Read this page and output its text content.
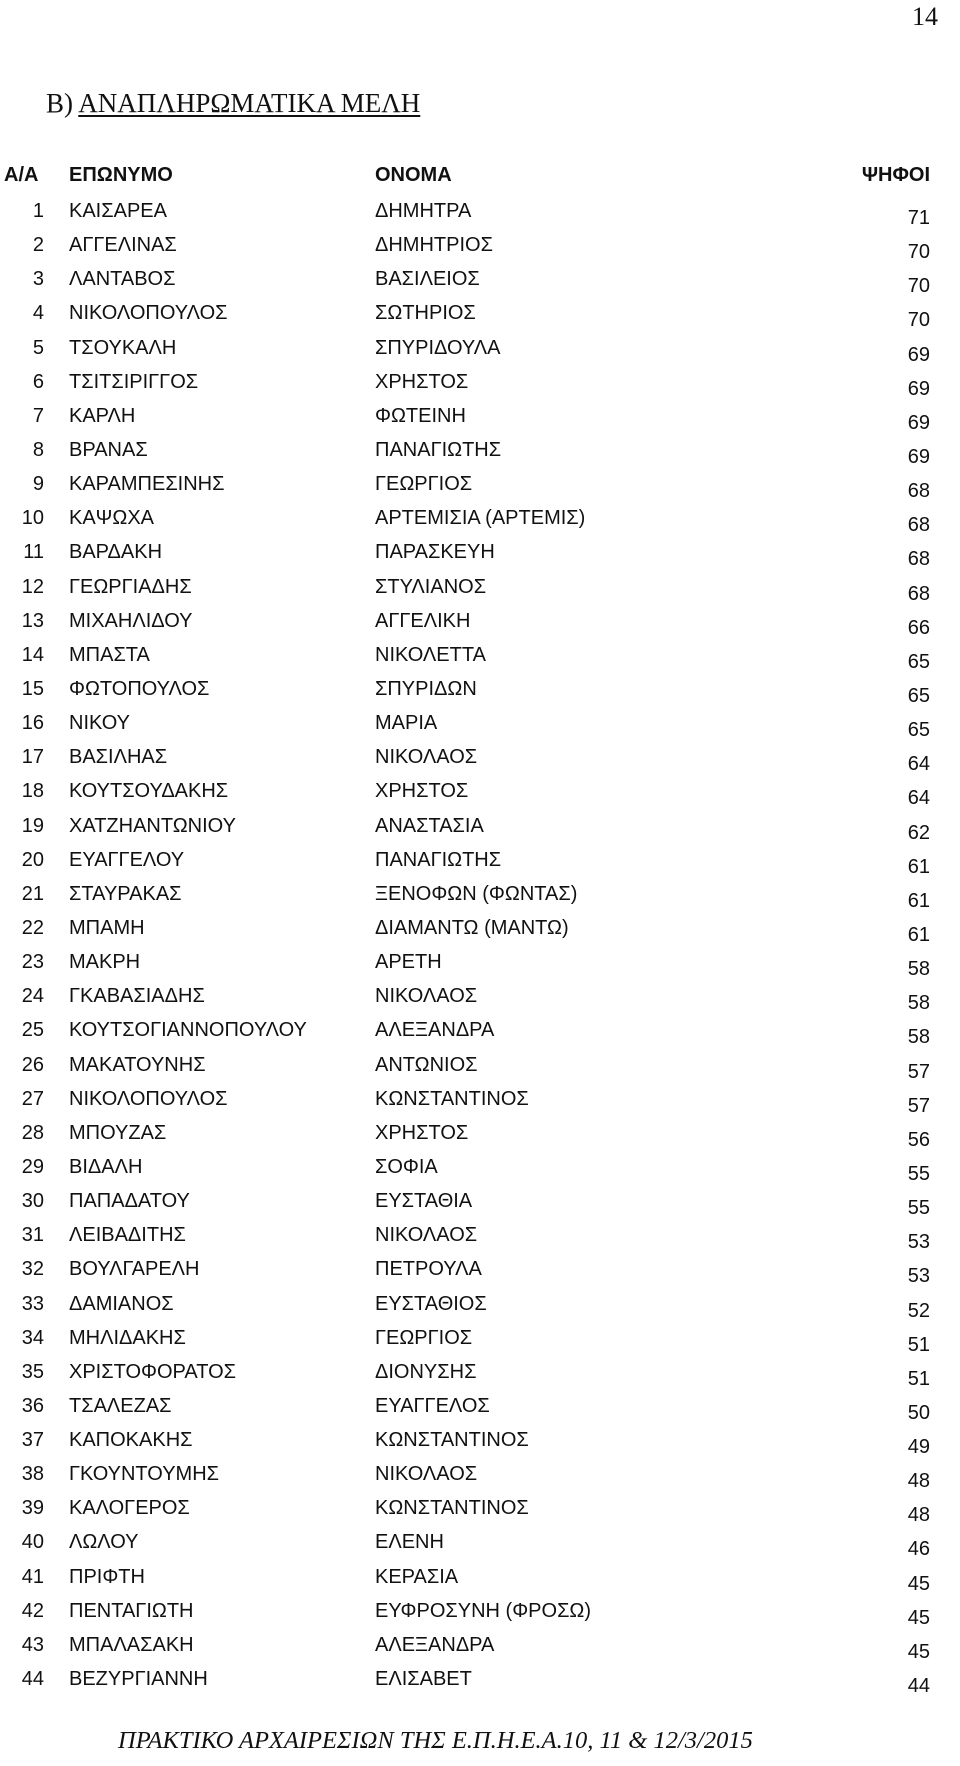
14
Β) ΑΝΑΠΛΗΡΩΜΑΤΙΚΑ ΜΕΛΗ
Α/Α ΕΠΩΝΥΜΟ	ΟΝΟΜΑ	ΨΗΦΟΙ
1 ΚΑΙΣΑΡΕΑ	ΔΗΜΗΤΡΑ	71
2 ΑΓΓΕΛΙΝΑΣ	ΔΗΜΗΤΡΙΟΣ	70
3 ΛΑΝΤΑΒΟΣ	ΒΑΣΙΛΕΙΟΣ	70
4 ΝΙΚΟΛΟΠΟΥΛΟΣ	ΣΩΤΗΡΙΟΣ	70
5 ΤΣΟΥΚΑΛΗ	ΣΠΥΡΙΔΟΥΛΑ	69
6 ΤΣΙΤΣΙΡΙΓΓΟΣ	ΧΡΗΣΤΟΣ	69
7 ΚΑΡΛΗ	ΦΩΤΕΙΝΗ	69
8 ΒΡΑΝΑΣ	ΠΑΝΑΓΙΩΤΗΣ	69
9 ΚΑΡΑΜΠΕΣΙΝΗΣ	ΓΕΩΡΓΙΟΣ	68
10 ΚΑΨΩΧΑ	ΑΡΤΕΜΙΣΙΑ (ΑΡΤΕΜΙΣ)	68
11 ΒΑΡΔΑΚΗ	ΠΑΡΑΣΚΕΥΗ	68
12 ΓΕΩΡΓΙΑΔΗΣ	ΣΤΥΛΙΑΝΟΣ	68
13 ΜΙΧΑΗΛΙΔΟΥ	ΑΓΓΕΛΙΚΗ	66
14 ΜΠΑΣΤΑ	ΝΙΚΟΛΕΤΤΑ	65
15 ΦΩΤΟΠΟΥΛΟΣ	ΣΠΥΡΙΔΩΝ	65
16 ΝΙΚΟΥ	ΜΑΡΙΑ	65
17 ΒΑΣΙΛΗΑΣ	ΝΙΚΟΛΑΟΣ	64
18 ΚΟΥΤΣΟΥΔΑΚΗΣ	ΧΡΗΣΤΟΣ	64
19 ΧΑΤΖΗΑΝΤΩΝΙΟΥ	ΑΝΑΣΤΑΣΙΑ	62
20 ΕΥΑΓΓΕΛΟΥ	ΠΑΝΑΓΙΩΤΗΣ	61
21 ΣΤΑΥΡΑΚΑΣ	ΞΕΝΟΦΩΝ (ΦΩΝΤΑΣ)	61
22 ΜΠΑΜΗ	ΔΙΑΜΑΝΤΩ (ΜΑΝΤΩ)	61
23 ΜΑΚΡΗ	ΑΡΕΤΗ	58
24 ΓΚΑΒΑΣΙΑΔΗΣ	ΝΙΚΟΛΑΟΣ	58
25 ΚΟΥΤΣΟΓΙΑΝΝΟΠΟΥΛΟΥ	ΑΛΕΞΑΝΔΡΑ	58
26 ΜΑΚΑΤΟΥΝΗΣ	ΑΝΤΩΝΙΟΣ	57
27 ΝΙΚΟΛΟΠΟΥΛΟΣ	ΚΩΝΣΤΑΝΤΙΝΟΣ	57
28 ΜΠΟΥΖΑΣ	ΧΡΗΣΤΟΣ	56
29 ΒΙΔΑΛΗ	ΣΟΦΙΑ	55
30 ΠΑΠΑΔΑΤΟΥ	ΕΥΣΤΑΘΙΑ	55
31 ΛΕΙΒΑΔΙΤΗΣ	ΝΙΚΟΛΑΟΣ	53
32 ΒΟΥΛΓΑΡΕΛΗ	ΠΕΤΡΟΥΛΑ	53
33 ΔΑΜΙΑΝΟΣ	ΕΥΣΤΑΘΙΟΣ	52
34 ΜΗΛΙΔΑΚΗΣ	ΓΕΩΡΓΙΟΣ	51
35 ΧΡΙΣΤΟΦΟΡΑΤΟΣ	ΔΙΟΝΥΣΗΣ	51
36 ΤΣΑΛΕΖΑΣ	ΕΥΑΓΓΕΛΟΣ	50
37 ΚΑΠΟΚΑΚΗΣ	ΚΩΝΣΤΑΝΤΙΝΟΣ	49
38 ΓΚΟΥΝΤΟΥΜΗΣ	ΝΙΚΟΛΑΟΣ	48
39 ΚΑΛΟΓΕΡΟΣ	ΚΩΝΣΤΑΝΤΙΝΟΣ	48
40 ΛΩΛΟΥ	ΕΛΕΝΗ	46
41 ΠΡΙΦΤΗ	ΚΕΡΑΣΙΑ	45
42 ΠΕΝΤΑΓΙΩΤΗ	ΕΥΦΡΟΣΥΝΗ (ΦΡΟΣΩ)	45
43 ΜΠΑΛΑΣΑΚΗ	ΑΛΕΞΑΝΔΡΑ	45
44 ΒΕΖΥΡΓΙΑΝΝΗ	ΕΛΙΣΑΒΕΤ	44
ΠΡΑΚΤΙΚΟ ΑΡΧΑΙΡΕΣΙΩΝ ΤΗΣ Ε.Π.Η.Ε.Α.10, 11 & 12/3/2015
